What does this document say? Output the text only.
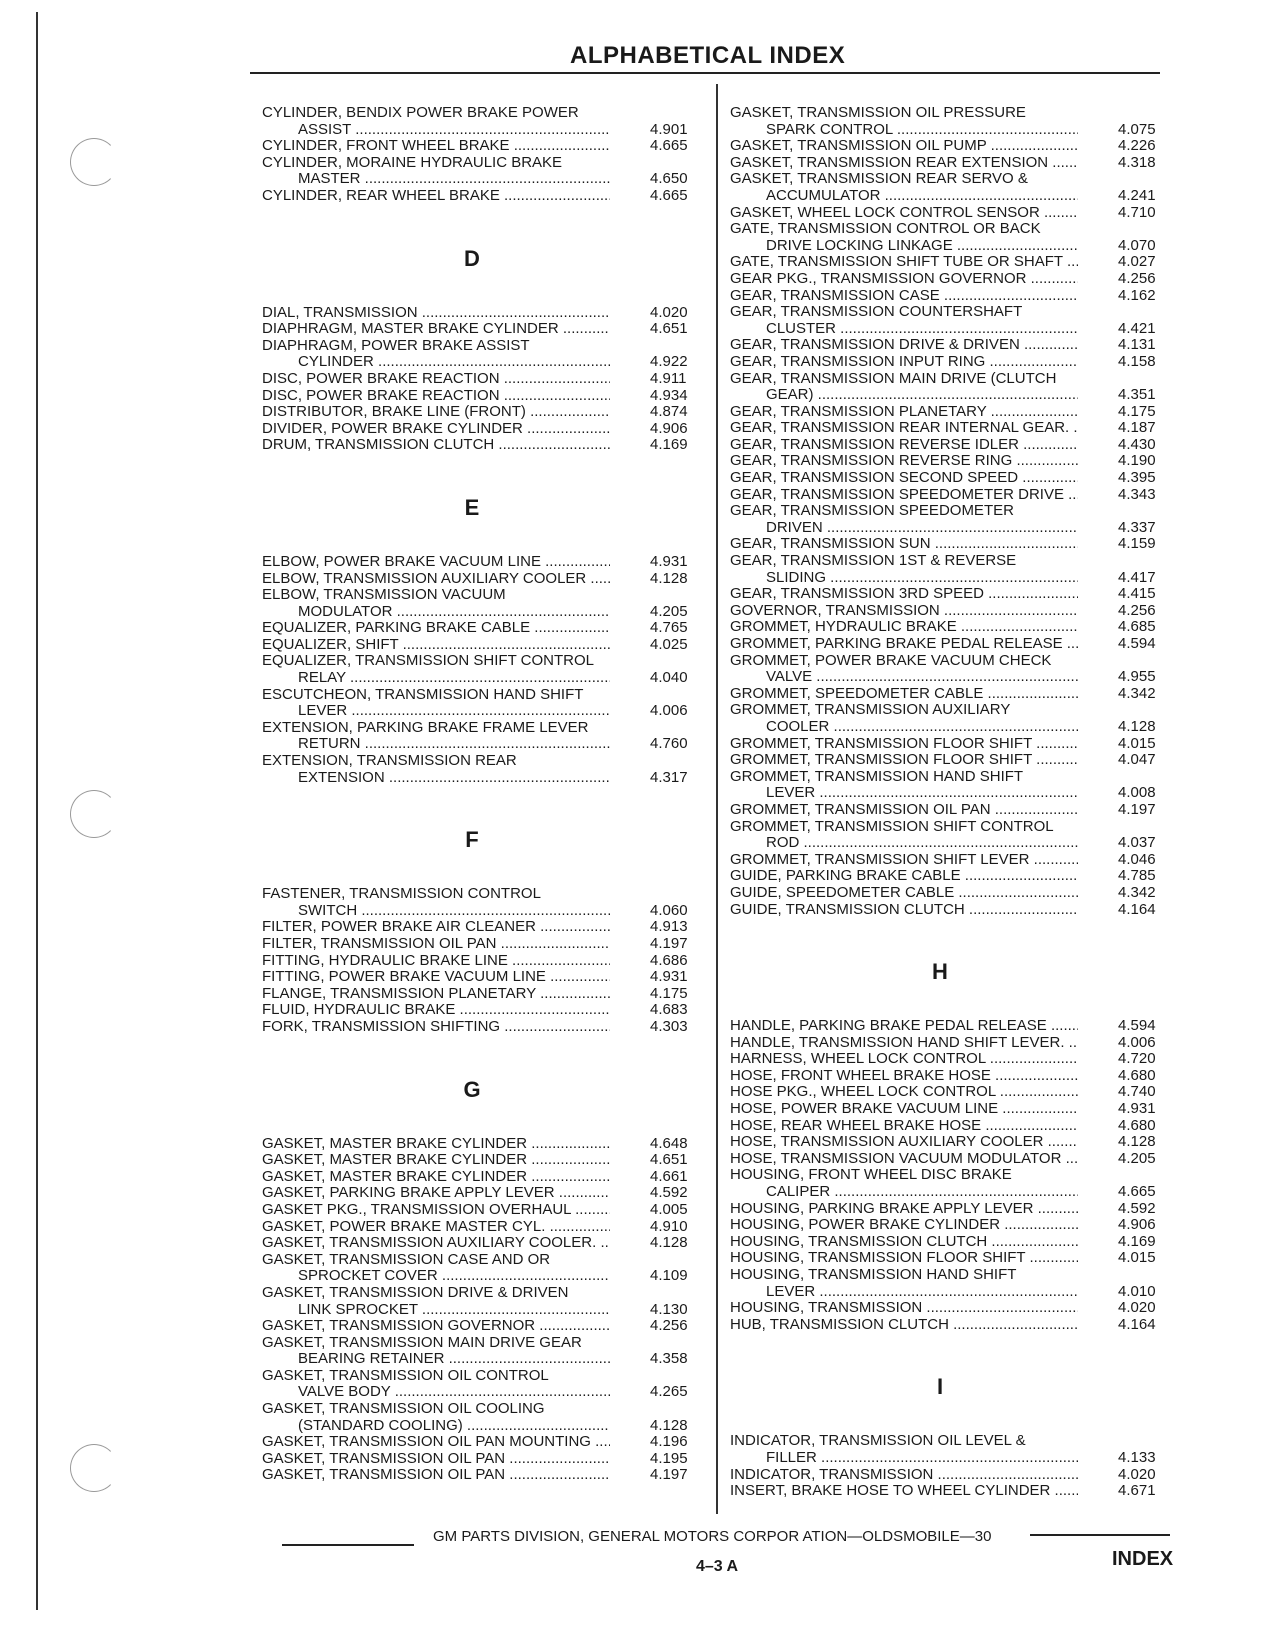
ALPHABETICAL INDEX
CYLINDER, BENDIX POWER BRAKE POWER
ASSIST .....	4.901
CYLINDER, FRONT WHEEL BRAKE .....	4.665
CYLINDER, MORAINE HYDRAULIC BRAKE
MASTER .....	4.650
CYLINDER, REAR WHEEL BRAKE .....	4.665
D
DIAL, TRANSMISSION .....	4.020
DIAPHRAGM, MASTER BRAKE CYLINDER .....	4.651
DIAPHRAGM, POWER BRAKE ASSIST
CYLINDER .....	4.922
DISC, POWER BRAKE REACTION .....	4.911
DISC, POWER BRAKE REACTION .....	4.934
DISTRIBUTOR, BRAKE LINE (FRONT) .....	4.874
DIVIDER, POWER BRAKE CYLINDER .....	4.906
DRUM, TRANSMISSION CLUTCH .....	4.169
E
ELBOW, POWER BRAKE VACUUM LINE .....	4.931
ELBOW, TRANSMISSION AUXILIARY COOLER .....	4.128
ELBOW, TRANSMISSION VACUUM
MODULATOR .....	4.205
EQUALIZER, PARKING BRAKE CABLE .....	4.765
EQUALIZER, SHIFT .....	4.025
EQUALIZER, TRANSMISSION SHIFT CONTROL
RELAY .....	4.040
ESCUTCHEON, TRANSMISSION HAND SHIFT
LEVER .....	4.006
EXTENSION, PARKING BRAKE FRAME LEVER
RETURN .....	4.760
EXTENSION, TRANSMISSION REAR
EXTENSION .....	4.317
F
FASTENER, TRANSMISSION CONTROL
SWITCH .....	4.060
FILTER, POWER BRAKE AIR CLEANER .....	4.913
FILTER, TRANSMISSION OIL PAN .....	4.197
FITTING, HYDRAULIC BRAKE LINE .....	4.686
FITTING, POWER BRAKE VACUUM LINE .....	4.931
FLANGE, TRANSMISSION PLANETARY .....	4.175
FLUID, HYDRAULIC BRAKE .....	4.683
FORK, TRANSMISSION SHIFTING .....	4.303
G
GASKET, MASTER BRAKE CYLINDER .....	4.648
GASKET, MASTER BRAKE CYLINDER .....	4.651
GASKET, MASTER BRAKE CYLINDER .....	4.661
GASKET, PARKING BRAKE APPLY LEVER .....	4.592
GASKET PKG., TRANSMISSION OVERHAUL .....	4.005
GASKET, POWER BRAKE MASTER CYL. .....	4.910
GASKET, TRANSMISSION AUXILIARY COOLER. .....	4.128
GASKET, TRANSMISSION CASE AND OR
SPROCKET COVER .....	4.109
GASKET, TRANSMISSION DRIVE & DRIVEN
LINK SPROCKET .....	4.130
GASKET, TRANSMISSION GOVERNOR .....	4.256
GASKET, TRANSMISSION MAIN DRIVE GEAR
BEARING RETAINER .....	4.358
GASKET, TRANSMISSION OIL CONTROL
VALVE BODY .....	4.265
GASKET, TRANSMISSION OIL COOLING
(STANDARD COOLING) .....	4.128
GASKET, TRANSMISSION OIL PAN MOUNTING .....	4.196
GASKET, TRANSMISSION OIL PAN .....	4.195
GASKET, TRANSMISSION OIL PAN .....	4.197
GASKET, TRANSMISSION OIL PRESSURE
SPARK CONTROL .....	4.075
GASKET, TRANSMISSION OIL PUMP .....	4.226
GASKET, TRANSMISSION REAR EXTENSION .....	4.318
GASKET, TRANSMISSION REAR SERVO &
ACCUMULATOR .....	4.241
GASKET, WHEEL LOCK CONTROL SENSOR .....	4.710
GATE, TRANSMISSION CONTROL OR BACK
DRIVE LOCKING LINKAGE .....	4.070
GATE, TRANSMISSION SHIFT TUBE OR SHAFT .....	4.027
GEAR PKG., TRANSMISSION GOVERNOR .....	4.256
GEAR, TRANSMISSION CASE .....	4.162
GEAR, TRANSMISSION COUNTERSHAFT
CLUSTER .....	4.421
GEAR, TRANSMISSION DRIVE & DRIVEN .....	4.131
GEAR, TRANSMISSION INPUT RING .....	4.158
GEAR, TRANSMISSION MAIN DRIVE (CLUTCH
GEAR) .....	4.351
GEAR, TRANSMISSION PLANETARY .....	4.175
GEAR, TRANSMISSION REAR INTERNAL GEAR. .....	4.187
GEAR, TRANSMISSION REVERSE IDLER .....	4.430
GEAR, TRANSMISSION REVERSE RING .....	4.190
GEAR, TRANSMISSION SECOND SPEED .....	4.395
GEAR, TRANSMISSION SPEEDOMETER DRIVE .....	4.343
GEAR, TRANSMISSION SPEEDOMETER
DRIVEN .....	4.337
GEAR, TRANSMISSION SUN .....	4.159
GEAR, TRANSMISSION 1ST & REVERSE
SLIDING .....	4.417
GEAR, TRANSMISSION 3RD SPEED .....	4.415
GOVERNOR, TRANSMISSION .....	4.256
GROMMET, HYDRAULIC BRAKE .....	4.685
GROMMET, PARKING BRAKE PEDAL RELEASE .....	4.594
GROMMET, POWER BRAKE VACUUM CHECK
VALVE .....	4.955
GROMMET, SPEEDOMETER CABLE .....	4.342
GROMMET, TRANSMISSION AUXILIARY
COOLER .....	4.128
GROMMET, TRANSMISSION FLOOR SHIFT .....	4.015
GROMMET, TRANSMISSION FLOOR SHIFT .....	4.047
GROMMET, TRANSMISSION HAND SHIFT
LEVER .....	4.008
GROMMET, TRANSMISSION OIL PAN .....	4.197
GROMMET, TRANSMISSION SHIFT CONTROL
ROD .....	4.037
GROMMET, TRANSMISSION SHIFT LEVER .....	4.046
GUIDE, PARKING BRAKE CABLE .....	4.785
GUIDE, SPEEDOMETER CABLE .....	4.342
GUIDE, TRANSMISSION CLUTCH .....	4.164
H
HANDLE, PARKING BRAKE PEDAL RELEASE .....	4.594
HANDLE, TRANSMISSION HAND SHIFT LEVER. .....	4.006
HARNESS, WHEEL LOCK CONTROL .....	4.720
HOSE, FRONT WHEEL BRAKE HOSE .....	4.680
HOSE PKG., WHEEL LOCK CONTROL .....	4.740
HOSE, POWER BRAKE VACUUM LINE .....	4.931
HOSE, REAR WHEEL BRAKE HOSE .....	4.680
HOSE, TRANSMISSION AUXILIARY COOLER .....	4.128
HOSE, TRANSMISSION VACUUM MODULATOR .....	4.205
HOUSING, FRONT WHEEL DISC BRAKE
CALIPER .....	4.665
HOUSING, PARKING BRAKE APPLY LEVER .....	4.592
HOUSING, POWER BRAKE CYLINDER .....	4.906
HOUSING, TRANSMISSION CLUTCH .....	4.169
HOUSING, TRANSMISSION FLOOR SHIFT .....	4.015
HOUSING, TRANSMISSION HAND SHIFT
LEVER .....	4.010
HOUSING, TRANSMISSION .....	4.020
HUB, TRANSMISSION CLUTCH .....	4.164
I
INDICATOR, TRANSMISSION OIL LEVEL &
FILLER .....	4.133
INDICATOR, TRANSMISSION .....	4.020
INSERT, BRAKE HOSE TO WHEEL CYLINDER .....	4.671
GM PARTS DIVISION, GENERAL MOTORS CORPOR ATION—OLDSMOBILE—30
4–3 A	INDEX
